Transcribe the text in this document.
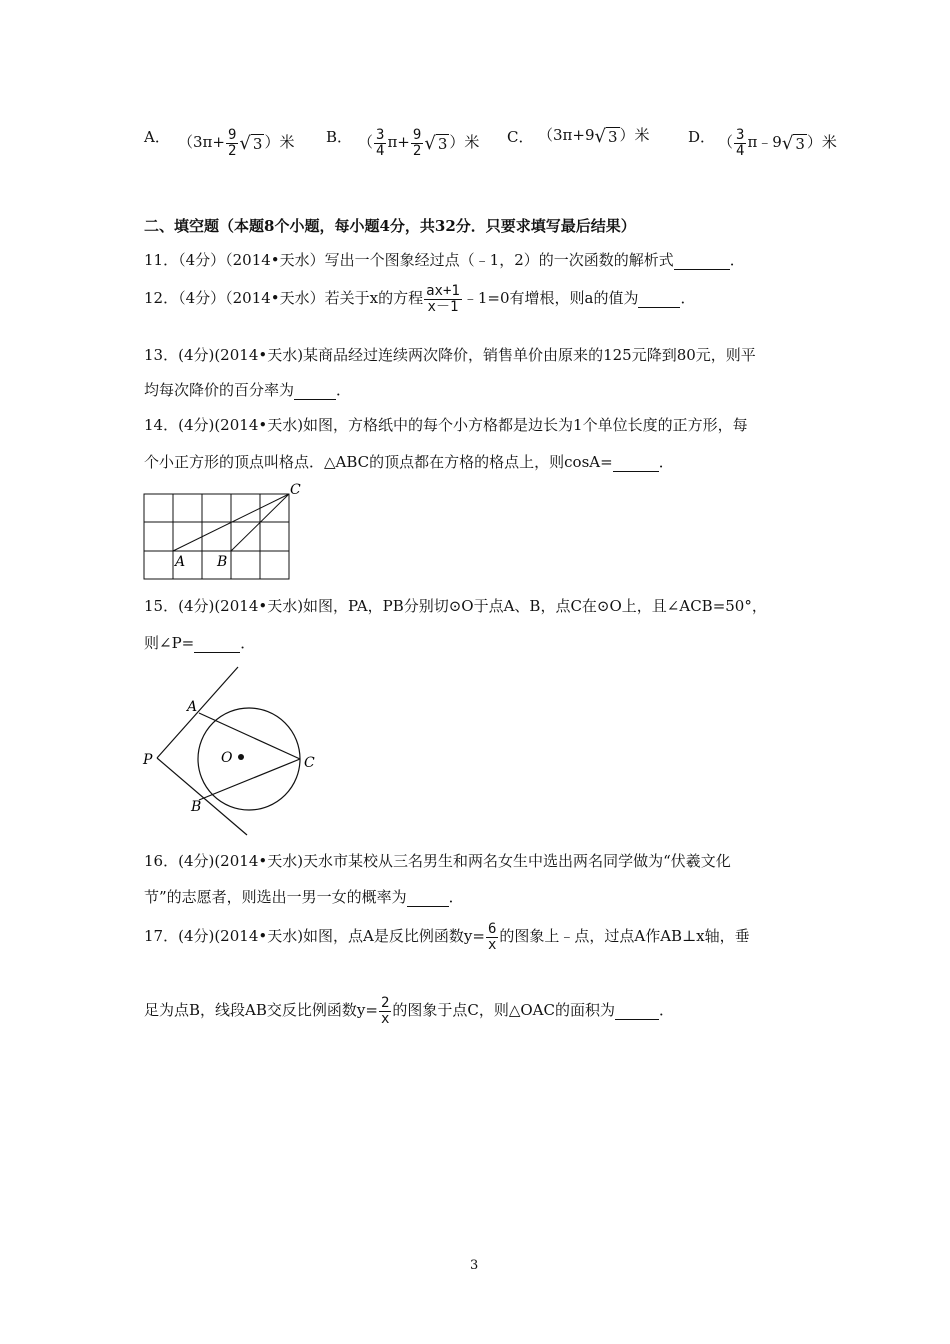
A． （$3\pi+ \frac{9}{2}$ √ 3 ）米 B． （ $\frac{3}{4} \pi+ \frac{9}{2}$ √ 3 ）米 C． （3π+9√ 3 ）米	D． （ $\frac{3}{4}$ π﹣9√ 3 ）米
二、填空题（本题8个小题，每小题4分，共32分．只要求填写最后结果）
11．（4分）（2014•天水）写出一个图象经过点（﹣1，2）的一次函数的解析式	．
12．（4分）（2014•天水）若关于x的方程 $\frac{ax+1}{x-1}$ ﹣1=0有增根，则a的值为	．
13．(4分)(2014•天水)某商品经过连续两次降价，销售单价由原来的125元降到80元，则平
均每次降价的百分率为	．
14．(4分)(2014•天水)如图，方格纸中的每个小方格都是边长为1个单位长度的正方形，每
个小正方形的顶点叫格点．△ABC的顶点都在方格的格点上，则cosA=	．
A B
C
15．(4分)(2014•天水)如图，PA，PB分别切⊙O于点A、B，点C在⊙O上，且∠ACB=50°，
则∠P=	．
A
B
C
P	O
16．(4分)(2014•天水)天水市某校从三名男生和两名女生中选出两名同学做为“伏羲文化
节”的志愿者，则选出一男一女的概率为	．
17．(4分)(2014•天水)如图，点A是反比例函数$y= \frac{6}{x}$ 的图象上﹣点，过点A作AB⊥x轴，垂
足为点B，线段AB交反比例函数$y= \frac{2}{x}$ 的图象于点C，则△OAC的面积为	．
3
